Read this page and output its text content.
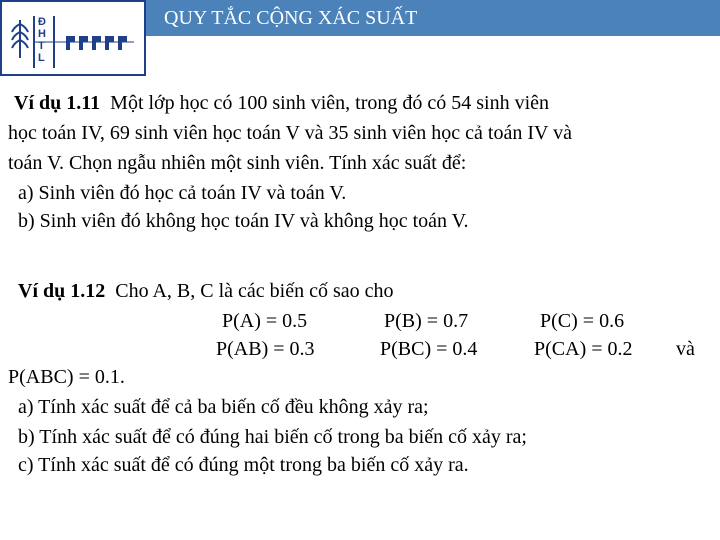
QUY TẮC CỘNG XÁC SUẤT
ĐHTL
Ví dụ 1.11 Một lớp học có 100 sinh viên, trong đó có 54 sinh viên
học toán IV, 69 sinh viên học toán V và 35 sinh viên học cả toán IV và
toán V. Chọn ngẫu nhiên một sinh viên. Tính xác suất để:
a) Sinh viên đó học cả toán IV và toán V.
b) Sinh viên đó không học toán IV và không học toán V.
Ví dụ 1.12 Cho A, B, C là các biến cố sao cho
P(A) = 0.5	P(B) = 0.7	P(C) = 0.6
P(AB) = 0.3	P(BC) = 0.4	P(CA) = 0.2 và
P(ABC) = 0.1.
a) Tính xác suất để cả ba biến cố đều không xảy ra;
b) Tính xác suất để có đúng hai biến cố trong ba biến cố xảy ra;
c) Tính xác suất để có đúng một trong ba biến cố xảy ra.
